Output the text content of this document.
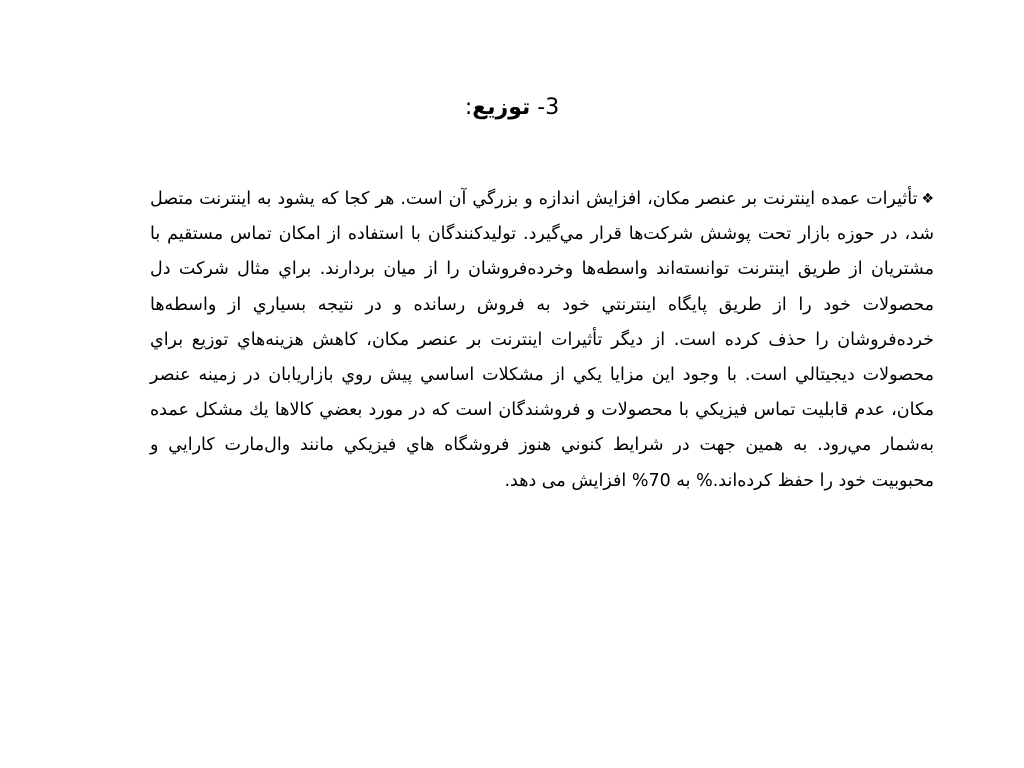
3- توزيع:

❖تأثيرات عمده اينترنت بر عنصر مكان، افزايش اندازه و بزرگي آن است. هر كجا كه يشود به اينترنت متصل شد، در حوزه بازار تحت پوشش شركت‌ها قرار مي‌گيرد. توليدكنندگان با استفاده از امكان تماس مستقيم با مشتريان از طريق اينترنت توانسته‌اند واسطه‌ها وخرده‌فروشان را از ميان بردارند. براي مثال شركت دل محصولات خود را از طريق پايگاه اينترنتي خود به فروش رسانده و در نتيجه بسياري از واسطه‌ها خرده‌فروشان را حذف كرده است. از ديگر تأثيرات اينترنت بر عنصر مكان، كاهش هزينه‌هاي توزيع براي محصولات ديجيتالي است. با وجود اين مزايا يكي از مشكلات اساسي پيش روي بازاريابان در زمينه عنصر مكان، عدم قابليت تماس فيزيكي با محصولات و فروشندگان است كه در مورد بعضي كالاها يك مشكل عمده به‌شمار مي‌رود. به همين جهت در شرايط كنوني هنوز فروشگاه هاي فيزيكي مانند وال‌مارت كارايي و محبوبيت خود را حفظ كرده‌اند.% به 70% افزايش می دهد.
